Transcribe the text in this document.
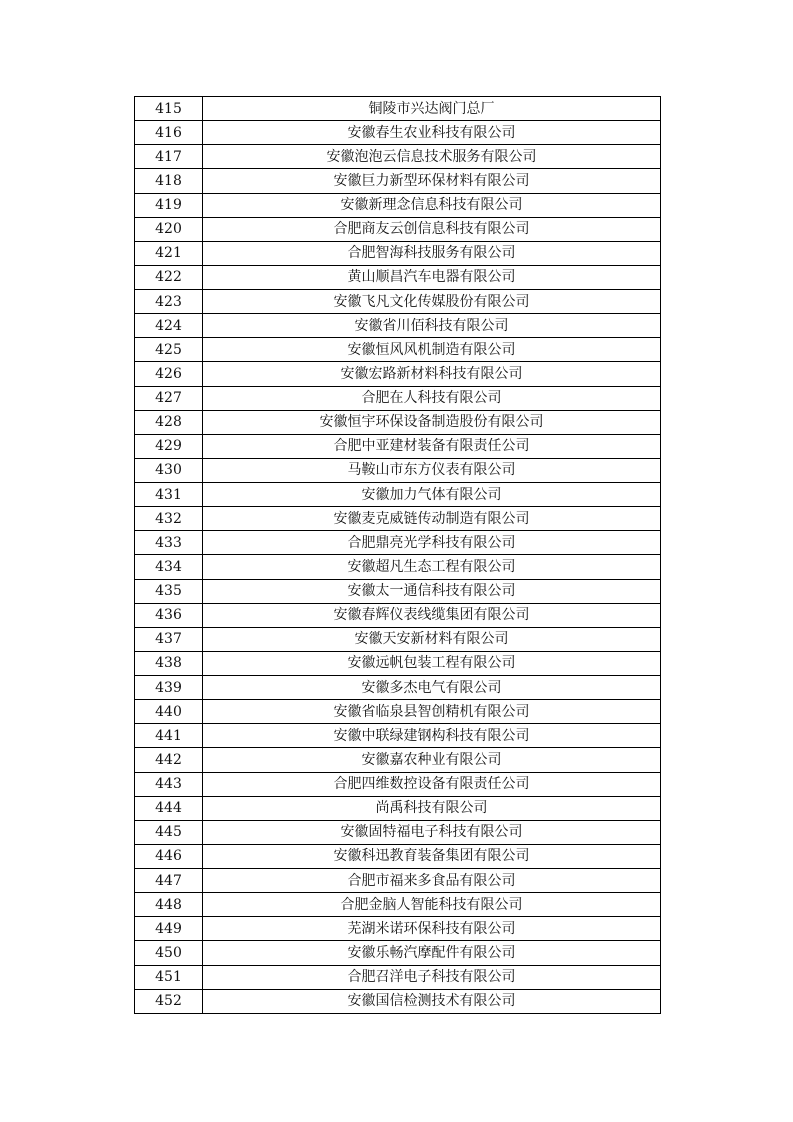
415	铜陵市兴达阀门总厂
416	安徽春生农业科技有限公司
417	安徽泡泡云信息技术服务有限公司
418	安徽巨力新型环保材料有限公司
419	安徽新理念信息科技有限公司
420	合肥商友云创信息科技有限公司
421	合肥智海科技服务有限公司
422	黄山顺昌汽车电器有限公司
423	安徽飞凡文化传媒股份有限公司
424	安徽省川佰科技有限公司
425	安徽恒风风机制造有限公司
426	安徽宏路新材料科技有限公司
427	合肥在人科技有限公司
428	安徽恒宇环保设备制造股份有限公司
429	合肥中亚建材装备有限责任公司
430	马鞍山市东方仪表有限公司
431	安徽加力气体有限公司
432	安徽麦克威链传动制造有限公司
433	合肥鼎亮光学科技有限公司
434	安徽超凡生态工程有限公司
435	安徽太一通信科技有限公司
436	安徽春辉仪表线缆集团有限公司
437	安徽天安新材料有限公司
438	安徽远帆包装工程有限公司
439	安徽多杰电气有限公司
440	安徽省临泉县智创精机有限公司
441	安徽中联绿建钢构科技有限公司
442	安徽嘉农种业有限公司
443	合肥四维数控设备有限责任公司
444	尚禹科技有限公司
445	安徽固特福电子科技有限公司
446	安徽科迅教育装备集团有限公司
447	合肥市福来多食品有限公司
448	合肥金脑人智能科技有限公司
449	芜湖米诺环保科技有限公司
450	安徽乐畅汽摩配件有限公司
451	合肥召洋电子科技有限公司
452	安徽国信检测技术有限公司
